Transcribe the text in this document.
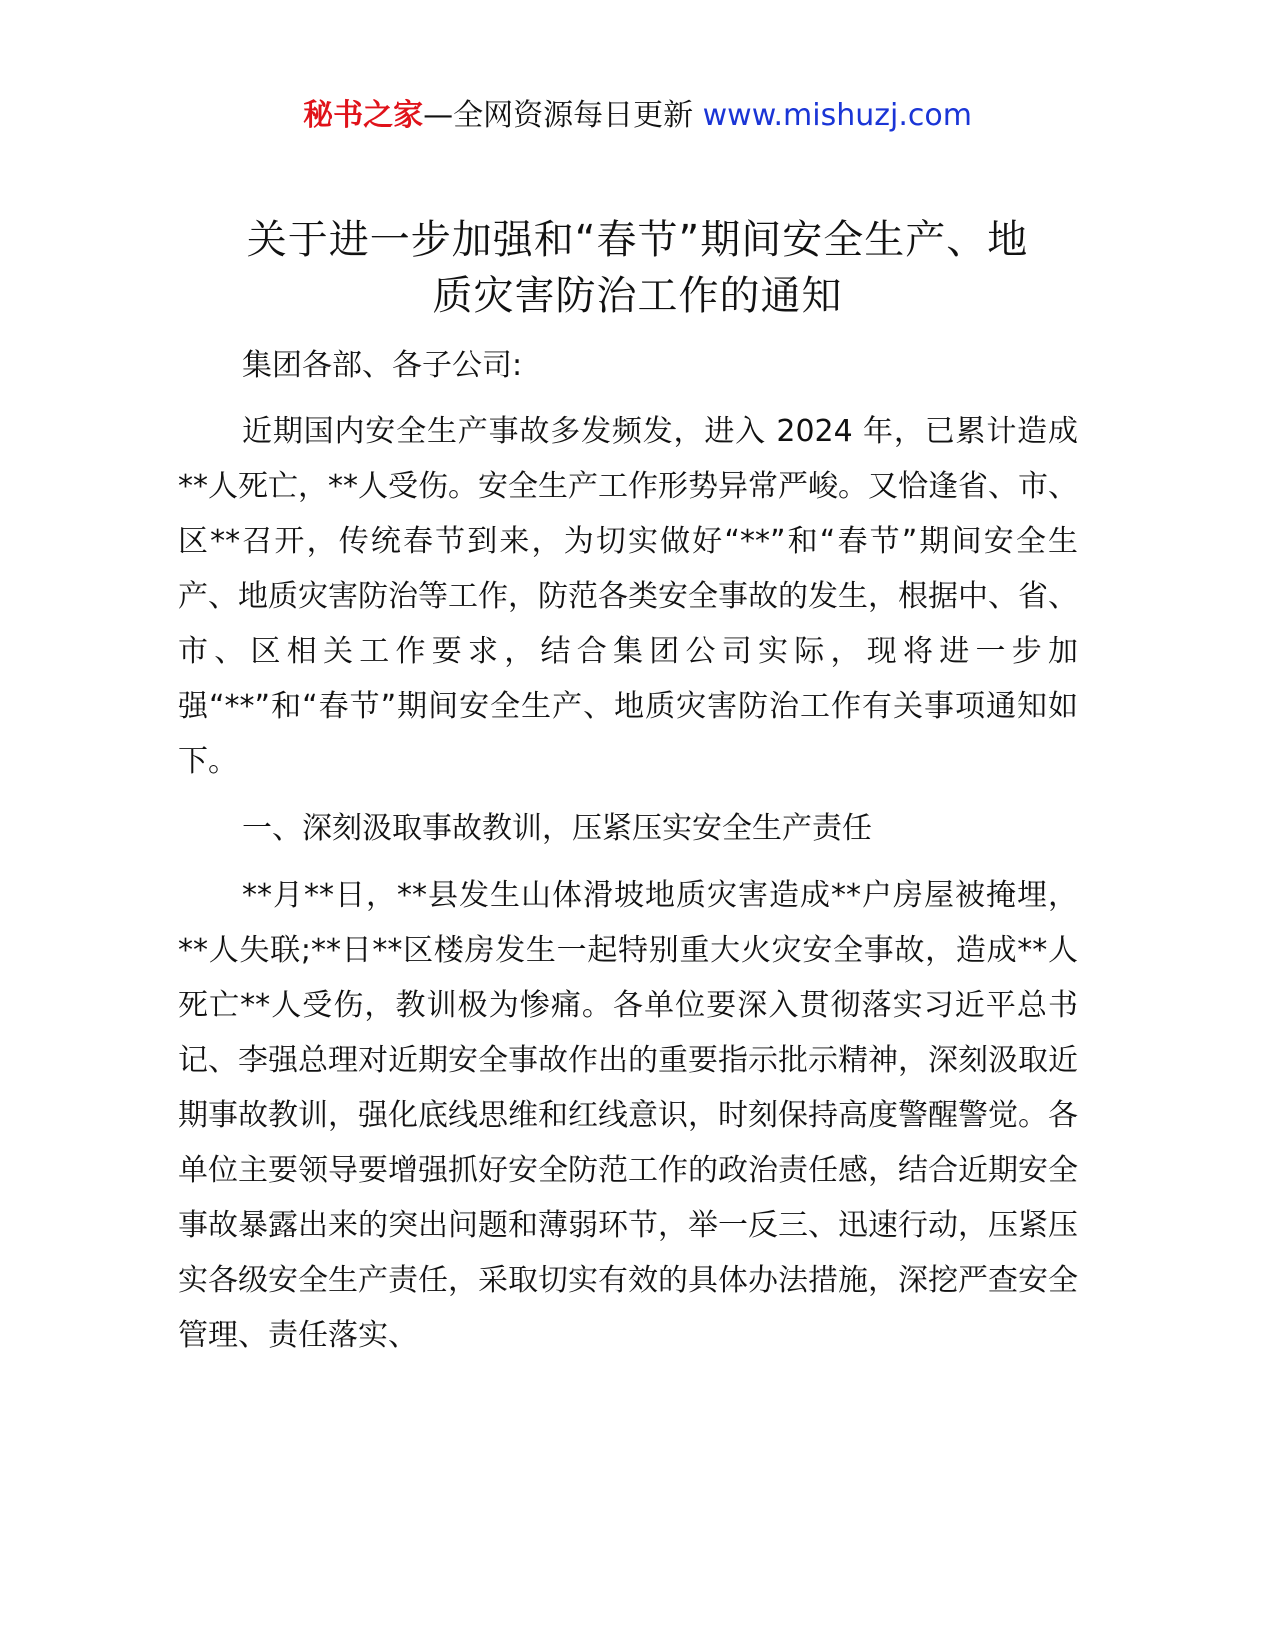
秘书之家—全网资源每日更新 www.mishuzj.com
关于进一步加强和“春节”期间安全生产、地
质灾害防治工作的通知

集团各部、各子公司:

近期国内安全生产事故多发频发，进入 2024 年，已累计造成**人死亡，**人受伤。安全生产工作形势异常严峻。又恰逢省、市、区**召开，传统春节到来，为切实做好“**”和“春节”期间安全生产、地质灾害防治等工作，防范各类安全事故的发生，根据中、省、市、区相关工作要求，结合集团公司实际，现将进一步加强“**”和“春节”期间安全生产、地质灾害防治工作有关事项通知如下。

一、深刻汲取事故教训，压紧压实安全生产责任

**月**日，**县发生山体滑坡地质灾害造成**户房屋被掩埋，**人失联;**日**区楼房发生一起特别重大火灾安全事故，造成**人死亡**人受伤，教训极为惨痛。各单位要深入贯彻落实习近平总书记、李强总理对近期安全事故作出的重要指示批示精神，深刻汲取近期事故教训，强化底线思维和红线意识，时刻保持高度警醒警觉。各单位主要领导要增强抓好安全防范工作的政治责任感，结合近期安全事故暴露出来的突出问题和薄弱环节，举一反三、迅速行动，压紧压实各级安全生产责任，采取切实有效的具体办法措施，深挖严查安全管理、责任落实、
